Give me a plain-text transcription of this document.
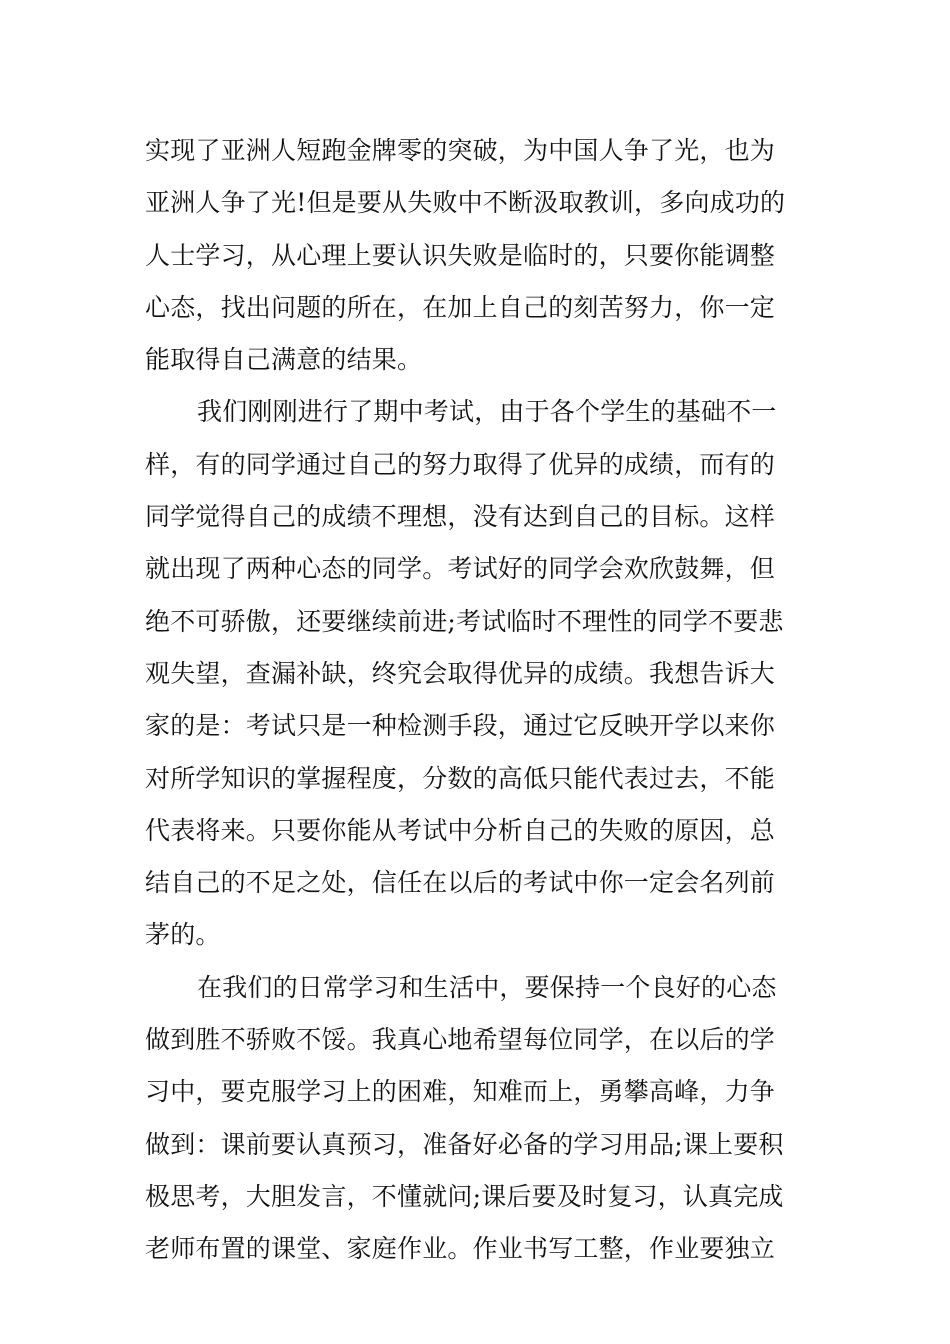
实现了亚洲人短跑金牌零的突破，为中国人争了光，也为
亚洲人争了光!但是要从失败中不断汲取教训，多向成功的
人士学习，从心理上要认识失败是临时的，只要你能调整
心态，找出问题的所在，在加上自己的刻苦努力，你一定
能取得自己满意的结果。
我们刚刚进行了期中考试，由于各个学生的基础不一
样，有的同学通过自己的努力取得了优异的成绩，而有的
同学觉得自己的成绩不理想，没有达到自己的目标。这样
就出现了两种心态的同学。考试好的同学会欢欣鼓舞，但
绝不可骄傲，还要继续前进;考试临时不理性的同学不要悲
观失望，查漏补缺，终究会取得优异的成绩。我想告诉大
家的是：考试只是一种检测手段，通过它反映开学以来你
对所学知识的掌握程度，分数的高低只能代表过去，不能
代表将来。只要你能从考试中分析自己的失败的原因，总
结自己的不足之处，信任在以后的考试中你一定会名列前
茅的。
在我们的日常学习和生活中，要保持一个良好的心态
做到胜不骄败不馁。我真心地希望每位同学，在以后的学
习中，要克服学习上的困难，知难而上，勇攀高峰，力争
做到：课前要认真预习，准备好必备的学习用品;课上要积
极思考，大胆发言，不懂就问;课后要及时复习，认真完成
老师布置的课堂、家庭作业。作业书写工整，作业要独立
